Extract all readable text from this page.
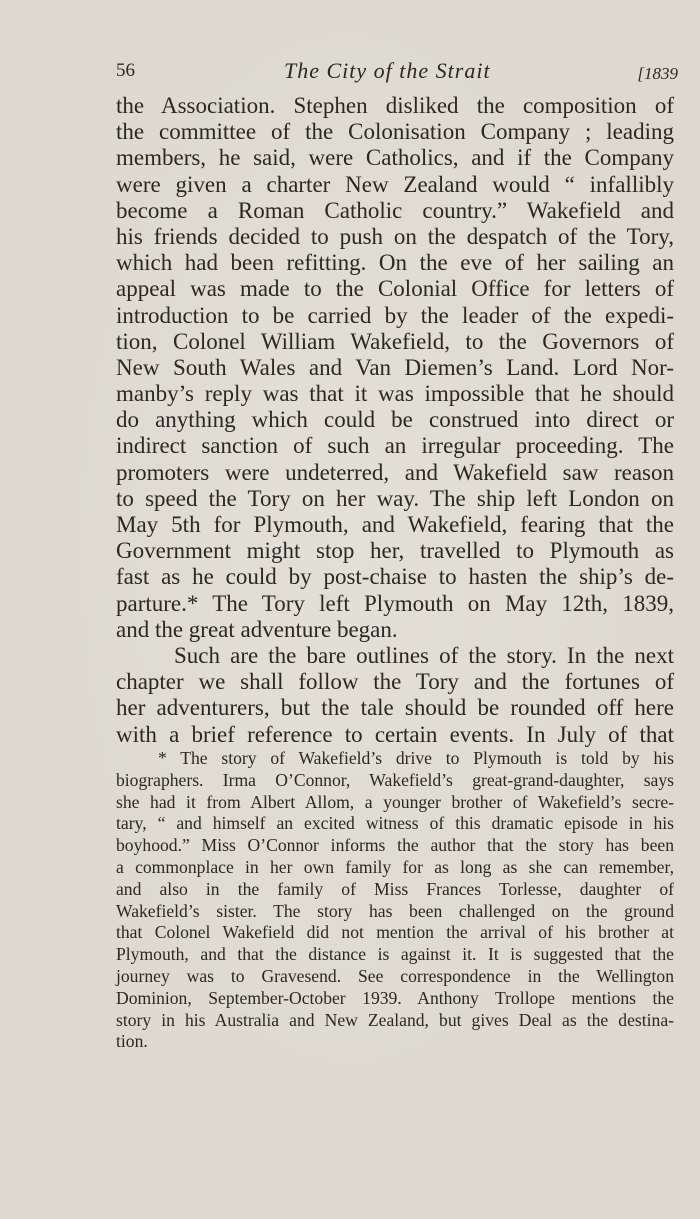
56	The City of the Strait	[1839
the Association. Stephen disliked the composition of
the committee of the Colonisation Company ; leading
members, he said, were Catholics, and if the Company
were given a charter New Zealand would “ infallibly
become a Roman Catholic country.” Wakefield and
his friends decided to push on the despatch of the Tory,
which had been refitting. On the eve of her sailing an
appeal was made to the Colonial Office for letters of
introduction to be carried by the leader of the expedi-
tion, Colonel William Wakefield, to the Governors of
New South Wales and Van Diemen’s Land. Lord Nor-
manby’s reply was that it was impossible that he should
do anything which could be construed into direct or
indirect sanction of such an irregular proceeding. The
promoters were undeterred, and Wakefield saw reason
to speed the Tory on her way. The ship left London on
May 5th for Plymouth, and Wakefield, fearing that the
Government might stop her, travelled to Plymouth as
fast as he could by post-chaise to hasten the ship’s de-
parture.* The Tory left Plymouth on May 12th, 1839,
and the great adventure began.
Such are the bare outlines of the story. In the next
chapter we shall follow the Tory and the fortunes of
her adventurers, but the tale should be rounded off here
with a brief reference to certain events. In July of that
* The story of Wakefield’s drive to Plymouth is told by his
biographers. Irma O’Connor, Wakefield’s great-grand-daughter, says
she had it from Albert Allom, a younger brother of Wakefield’s secre-
tary, “ and himself an excited witness of this dramatic episode in his
boyhood.” Miss O’Connor informs the author that the story has been
a commonplace in her own family for as long as she can remember,
and also in the family of Miss Frances Torlesse, daughter of
Wakefield’s sister. The story has been challenged on the ground
that Colonel Wakefield did not mention the arrival of his brother at
Plymouth, and that the distance is against it. It is suggested that the
journey was to Gravesend. See correspondence in the Wellington
Dominion, September-October 1939. Anthony Trollope mentions the
story in his Australia and New Zealand, but gives Deal as the destina-
tion.
